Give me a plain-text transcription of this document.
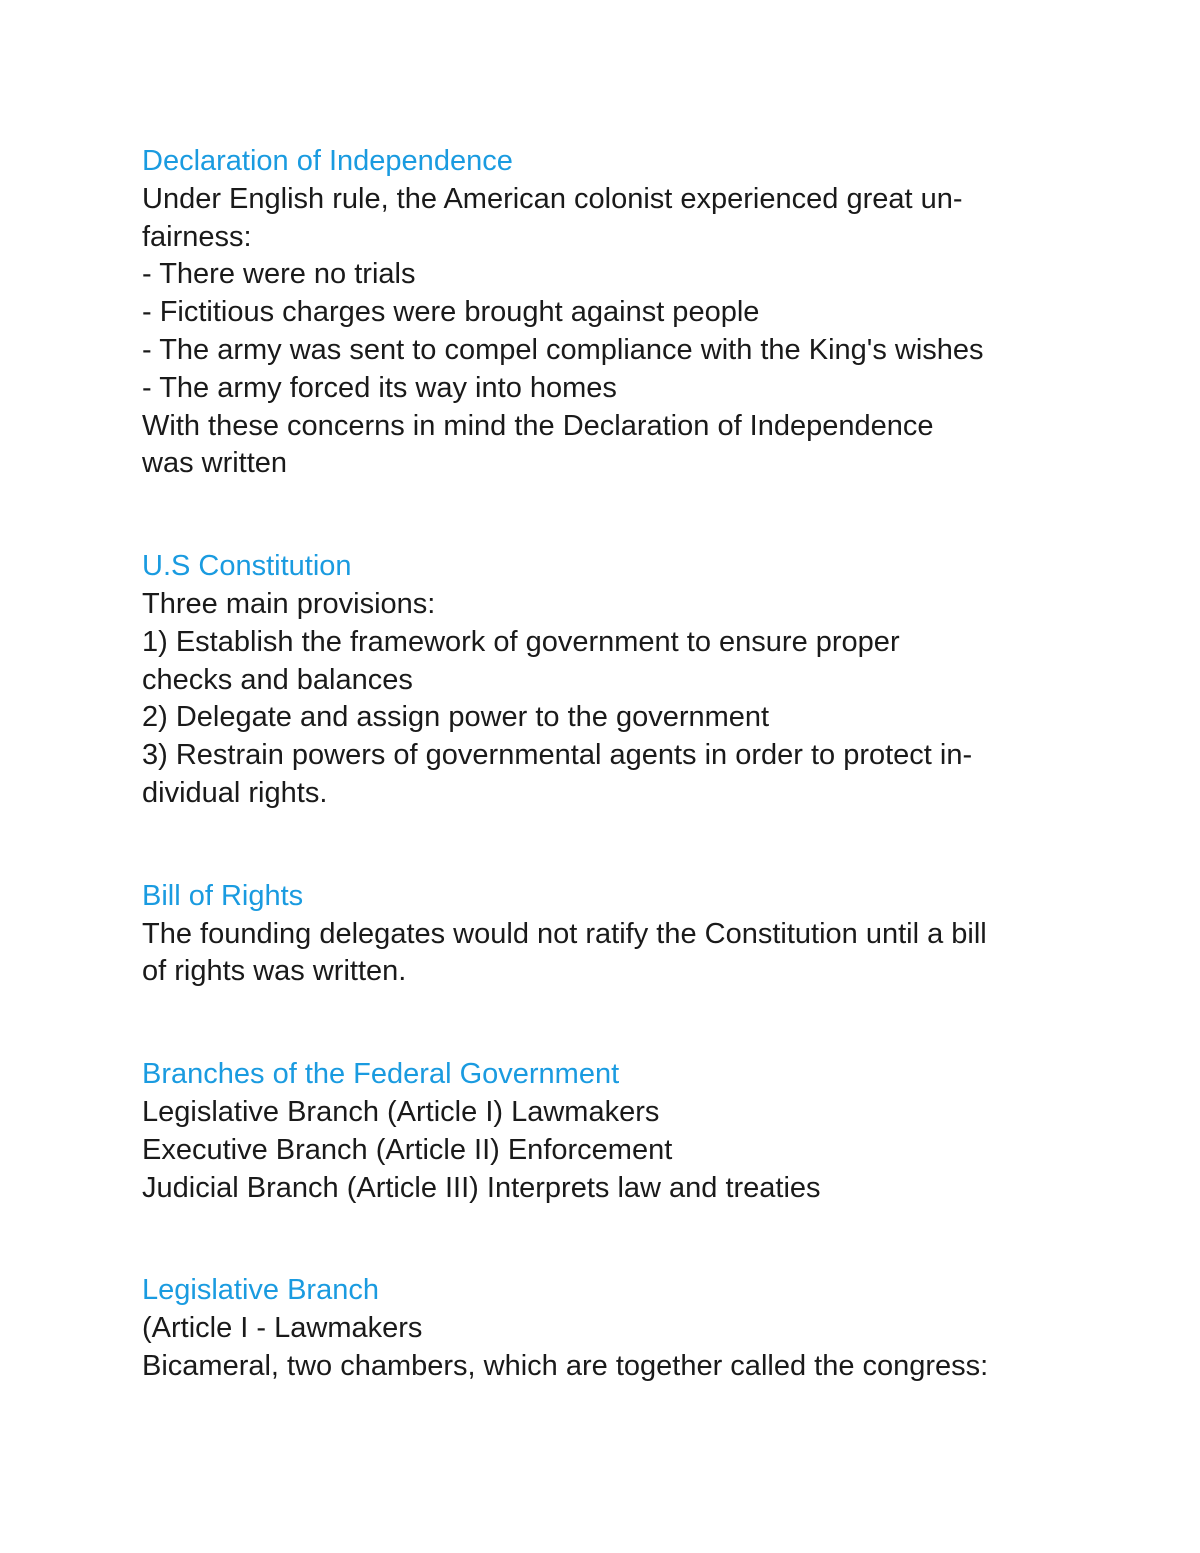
Declaration of Independence
Under English rule, the American colonist experienced great un-
fairness:
- There were no trials
- Fictitious charges were brought against people
- The army was sent to compel compliance with the King's wishes
- The army forced its way into homes
With these concerns in mind the Declaration of Independence
was written
U.S Constitution
Three main provisions:
1) Establish the framework of government to ensure proper
checks and balances
2) Delegate and assign power to the government
3) Restrain powers of governmental agents in order to protect in-
dividual rights.
Bill of Rights
The founding delegates would not ratify the Constitution until a bill
of rights was written.
Branches of the Federal Government
Legislative Branch (Article I) Lawmakers
Executive Branch (Article II) Enforcement
Judicial Branch (Article III) Interprets law and treaties
Legislative Branch
(Article I - Lawmakers
Bicameral, two chambers, which are together called the congress:
